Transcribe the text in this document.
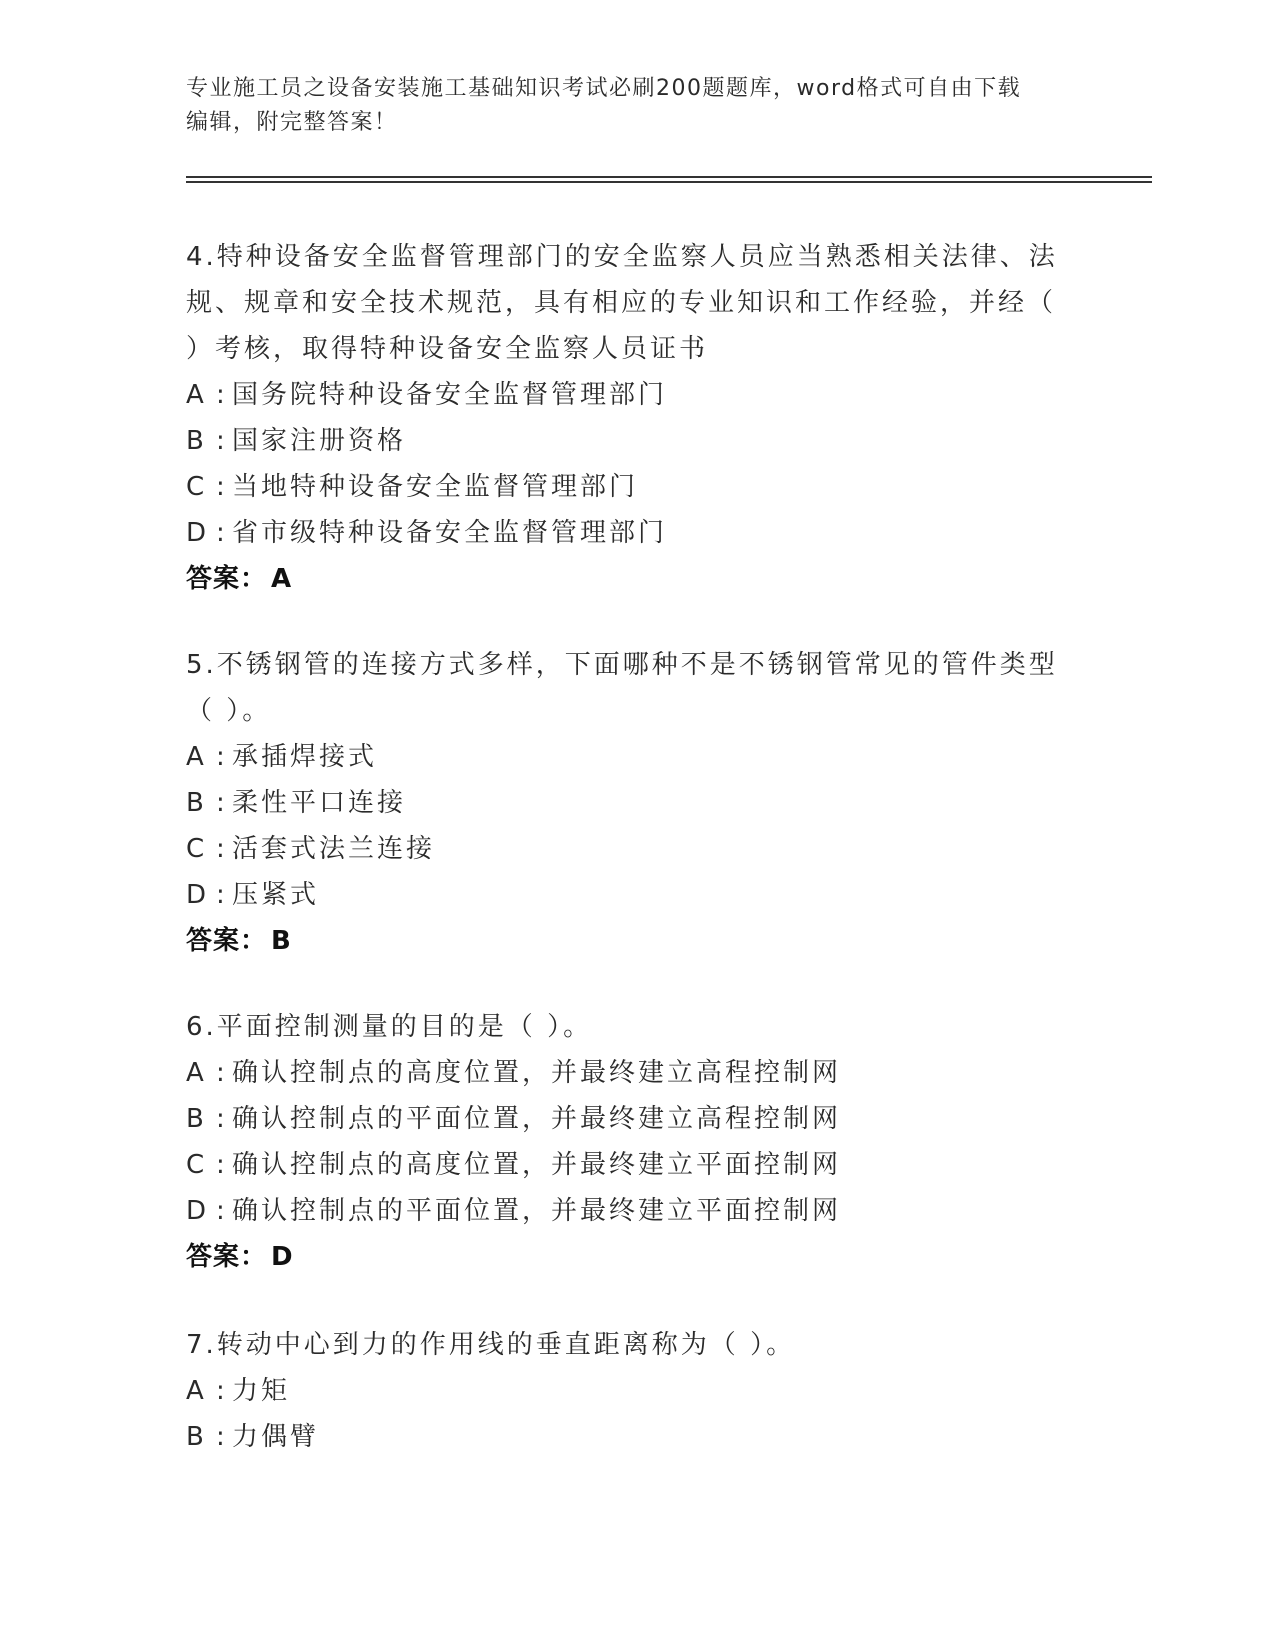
专业施工员之设备安装施工基础知识考试必刷200题题库，word格式可自由下载
编辑，附完整答案！

4.特种设备安全监督管理部门的安全监察人员应当熟悉相关法律、法

规、规章和安全技术规范，具有相应的专业知识和工作经验，并经（

）考核，取得特种设备安全监察人员证书

A : 国务院特种设备安全监督管理部门

B : 国家注册资格

C : 当地特种设备安全监督管理部门

D : 省市级特种设备安全监督管理部门

答案： A

5.不锈钢管的连接方式多样，下面哪种不是不锈钢管常见的管件类型

（ ）。

A : 承插焊接式

B : 柔性平口连接

C : 活套式法兰连接

D : 压紧式

答案： B

6.平面控制测量的目的是（ ）。

A : 确认控制点的高度位置，并最终建立高程控制网

B : 确认控制点的平面位置，并最终建立高程控制网

C : 确认控制点的高度位置，并最终建立平面控制网

D : 确认控制点的平面位置，并最终建立平面控制网

答案： D

7.转动中心到力的作用线的垂直距离称为（ ）。

A : 力矩

B : 力偶臂
